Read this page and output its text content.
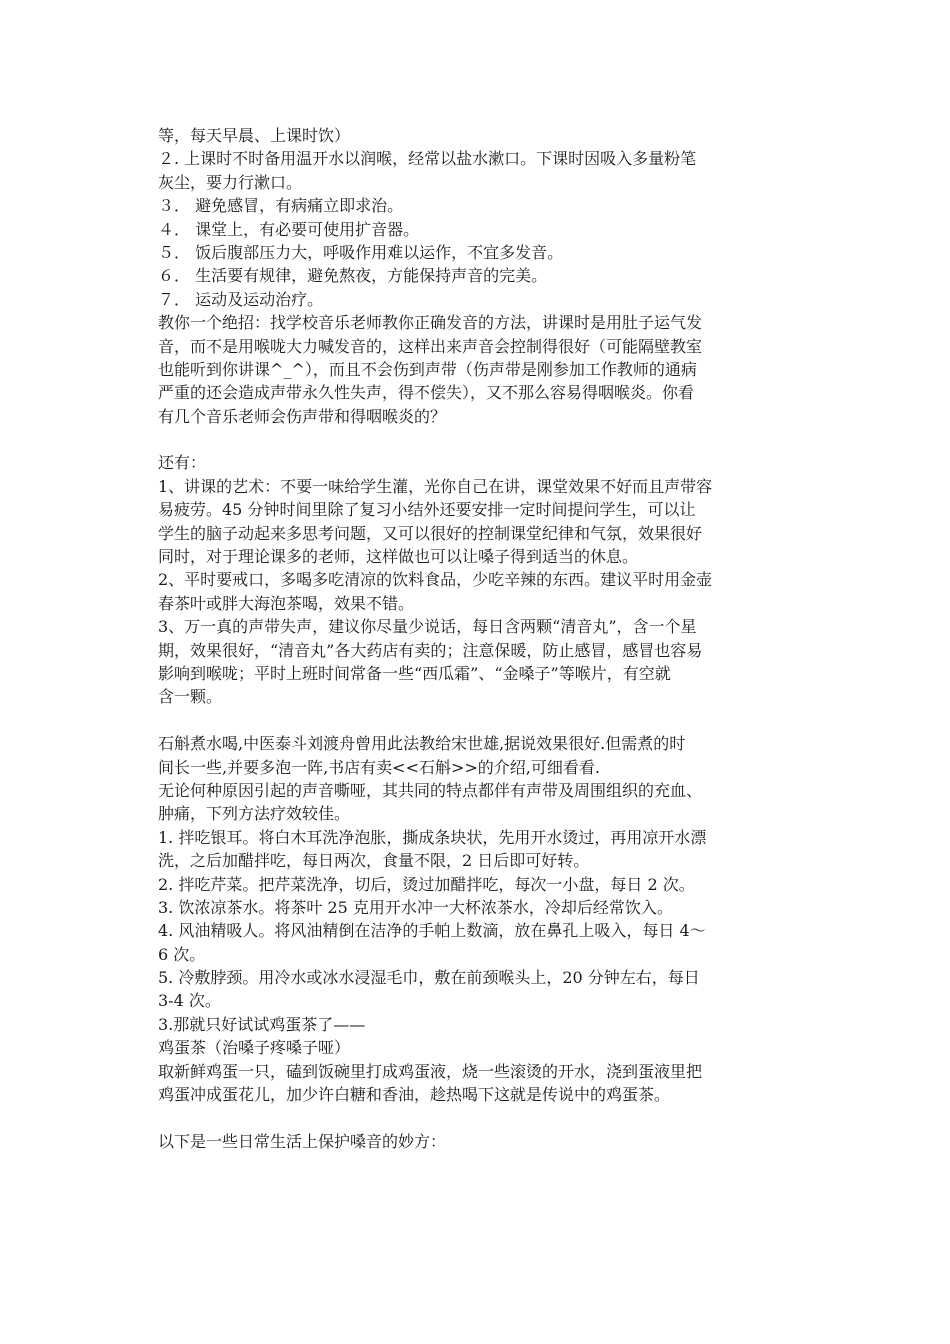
等，每天早晨、上课时饮）
２. 上课时不时备用温开水以润喉，经常以盐水漱口。下课时因吸入多量粉笔
灰尘，要力行漱口。
３． 避免感冒，有病痛立即求治。
４． 课堂上，有必要可使用扩音器。
５． 饭后腹部压力大，呼吸作用难以运作，不宜多发音。
６． 生活要有规律，避免熬夜，方能保持声音的完美。
７． 运动及运动治疗。
教你一个绝招：找学校音乐老师教你正确发音的方法，讲课时是用肚子运气发
音，而不是用喉咙大力喊发音的，这样出来声音会控制得很好（可能隔壁教室
也能听到你讲课^_^），而且不会伤到声带（伤声带是刚参加工作教师的通病
严重的还会造成声带永久性失声，得不偿失），又不那么容易得咽喉炎。你看
有几个音乐老师会伤声带和得咽喉炎的？
还有：
1、讲课的艺术：不要一味给学生灌，光你自己在讲，课堂效果不好而且声带容
易疲劳。45 分钟时间里除了复习小结外还要安排一定时间提问学生，可以让
学生的脑子动起来多思考问题，又可以很好的控制课堂纪律和气氛，效果很好
同时，对于理论课多的老师，这样做也可以让嗓子得到适当的休息。
2、平时要戒口，多喝多吃清凉的饮料食品，少吃辛辣的东西。建议平时用金壶
春茶叶或胖大海泡茶喝，效果不错。
3、万一真的声带失声，建议你尽量少说话，每日含两颗“清音丸”，含一个星
期，效果很好，“清音丸”各大药店有卖的；注意保暖，防止感冒，感冒也容易
影响到喉咙；平时上班时间常备一些“西瓜霜”、“金嗓子”等喉片，有空就
含一颗。
石斛煮水喝,中医泰斗刘渡舟曾用此法教给宋世雄,据说效果很好.但需煮的时
间长一些,并要多泡一阵,书店有卖<<石斛>>的介绍,可细看看.
无论何种原因引起的声音嘶哑，其共同的特点都伴有声带及周围组织的充血、
肿痛，下列方法疗效较佳。
1. 拌吃银耳。将白木耳洗净泡胀，撕成条块状，先用开水烫过，再用凉开水漂
洗，之后加醋拌吃，每日两次，食量不限，2 日后即可好转。
2. 拌吃芹菜。把芹菜洗净，切后，烫过加醋拌吃，每次一小盘，每日 2 次。
3. 饮浓凉茶水。将茶叶 25 克用开水冲一大杯浓茶水，冷却后经常饮入。
4. 风油精吸人。将风油精倒在洁净的手帕上数滴，放在鼻孔上吸入，每日 4～
6 次。
5. 冷敷脖颈。用冷水或冰水浸湿毛巾，敷在前颈喉头上，20 分钟左右，每日
3-4 次。
3.那就只好试试鸡蛋茶了——
鸡蛋茶（治嗓子疼嗓子哑）
取新鲜鸡蛋一只，磕到饭碗里打成鸡蛋液，烧一些滚烫的开水，浇到蛋液里把
鸡蛋冲成蛋花儿，加少许白糖和香油，趁热喝下这就是传说中的鸡蛋茶。
以下是一些日常生活上保护嗓音的妙方：
